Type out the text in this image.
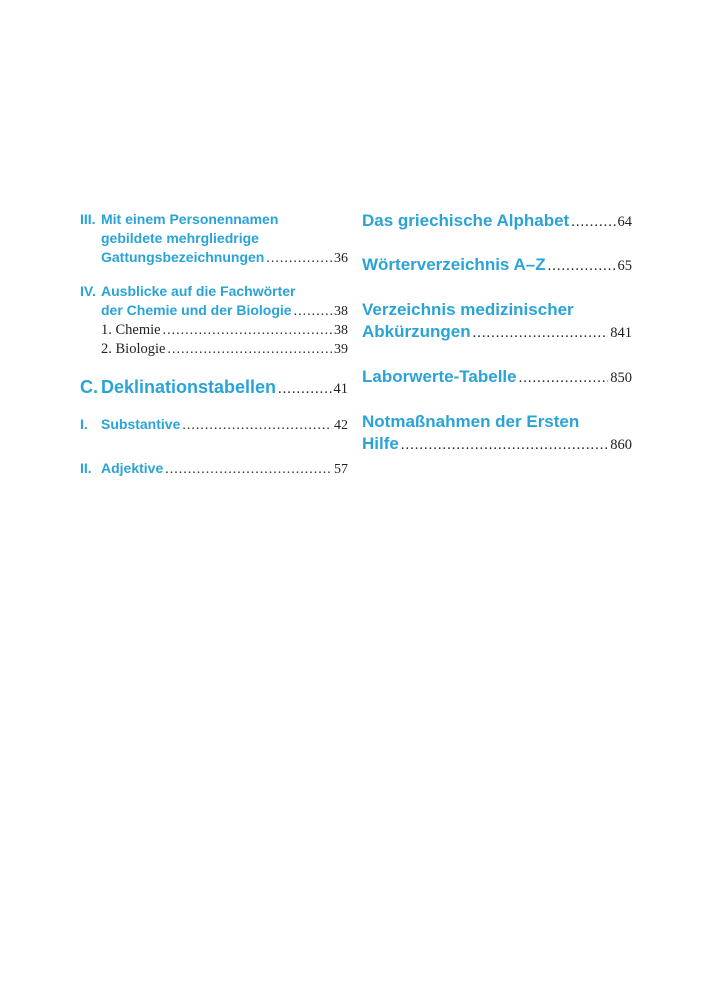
III. Mit einem Personennamen
gebildete mehrgliedrige
Gattungsbezeichnungen .....	36
IV. Ausblicke auf die Fachwörter
der Chemie und der Biologie .....	38
1. Chemie .....	38
2. Biologie .....	39
C. Deklinationstabellen .....	41
I. Substantive .....	42
II. Adjektive .....	57
Das griechische Alphabet .....	64
Wörterverzeichnis A–Z .....	65
Verzeichnis medizinischer
Abkürzungen .....	841
Laborwerte-Tabelle .....	850
Notmaßnahmen der Ersten
Hilfe .....	860
